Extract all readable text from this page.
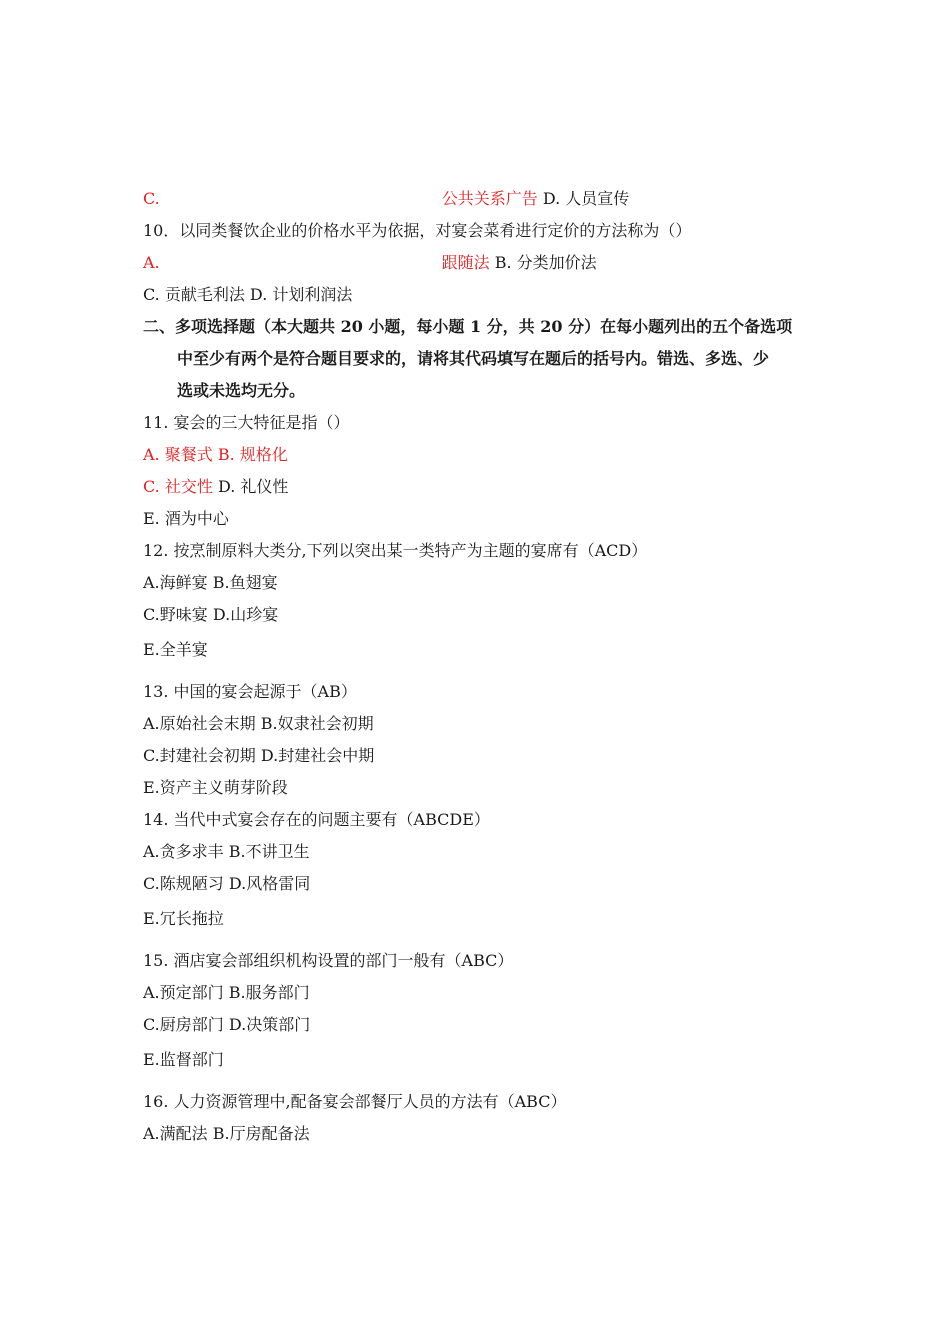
C.	公共关系广告 D. 人员宣传
10．以同类餐饮企业的价格水平为依据，对宴会菜肴进行定价的方法称为（）
A.	跟随法 B. 分类加价法
C. 贡献毛利法 D. 计划利润法
二、多项选择题（本大题共 20 小题，每小题 1 分，共 20 分）在每小题列出的五个备选项
中至少有两个是符合题目要求的，请将其代码填写在题后的括号内。错选、多选、少
选或未选均无分。
11. 宴会的三大特征是指（）
A. 聚餐式 B. 规格化
C. 社交性 D. 礼仪性
E. 酒为中心
12. 按烹制原料大类分,下列以突出某一类特产为主题的宴席有（ACD）
A.海鲜宴 B.鱼翅宴
C.野味宴 D.山珍宴
E.全羊宴
13. 中国的宴会起源于（AB）
A.原始社会末期 B.奴隶社会初期
C.封建社会初期 D.封建社会中期
E.资产主义萌芽阶段
14. 当代中式宴会存在的问题主要有（ABCDE）
A.贪多求丰 B.不讲卫生
C.陈规陋习 D.风格雷同
E.冗长拖拉
15. 酒店宴会部组织机构设置的部门一般有（ABC）
A.预定部门 B.服务部门
C.厨房部门 D.决策部门
E.监督部门
16. 人力资源管理中,配备宴会部餐厅人员的方法有（ABC）
A.满配法 B.厅房配备法
